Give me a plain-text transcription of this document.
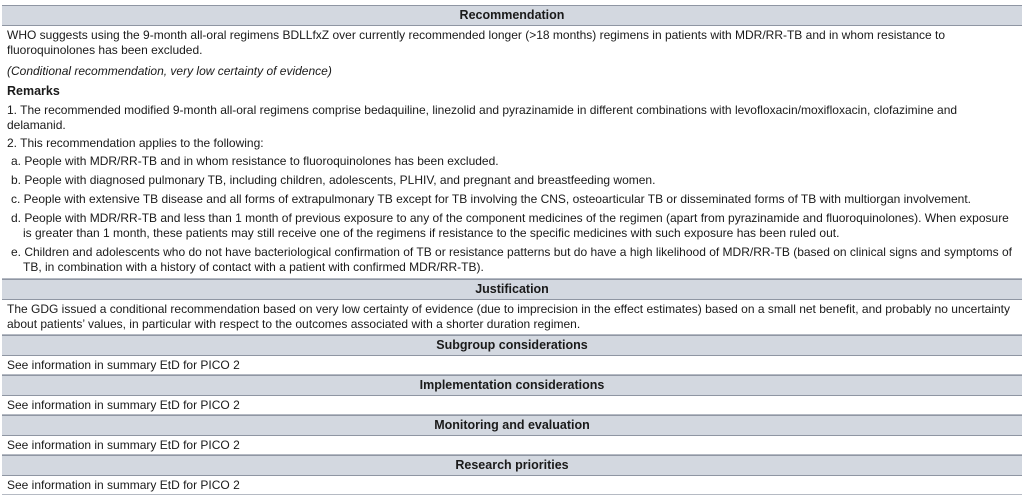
Recommendation

WHO suggests using the 9-month all-oral regimens BDLLfxZ over currently recommended longer (>18 months) regimens in patients with MDR/RR-TB and in whom resistance to fluoroquinolones has been excluded.

(Conditional recommendation, very low certainty of evidence)

Remarks

1. The recommended modified 9-month all-oral regimens comprise bedaquiline, linezolid and pyrazinamide in different combinations with levofloxacin/moxifloxacin, clofazimine and delamanid.

2. This recommendation applies to the following:

a. People with MDR/RR-TB and in whom resistance to fluoroquinolones has been excluded.
b. People with diagnosed pulmonary TB, including children, adolescents, PLHIV, and pregnant and breastfeeding women.
c. People with extensive TB disease and all forms of extrapulmonary TB except for TB involving the CNS, osteoarticular TB or disseminated forms of TB with multiorgan involvement.
d. People with MDR/RR-TB and less than 1 month of previous exposure to any of the component medicines of the regimen (apart from pyrazinamide and fluoroquinolones). When exposure is greater than 1 month, these patients may still receive one of the regimens if resistance to the specific medicines with such exposure has been ruled out.
e. Children and adolescents who do not have bacteriological confirmation of TB or resistance patterns but do have a high likelihood of MDR/RR-TB (based on clinical signs and symptoms of TB, in combination with a history of contact with a patient with confirmed MDR/RR-TB).
Justification
The GDG issued a conditional recommendation based on very low certainty of evidence (due to imprecision in the effect estimates) based on a small net benefit, and probably no uncertainty about patients’ values, in particular with respect to the outcomes associated with a shorter duration regimen.
Subgroup considerations
See information in summary EtD for PICO 2
Implementation considerations
See information in summary EtD for PICO 2
Monitoring and evaluation
See information in summary EtD for PICO 2
Research priorities
See information in summary EtD for PICO 2
